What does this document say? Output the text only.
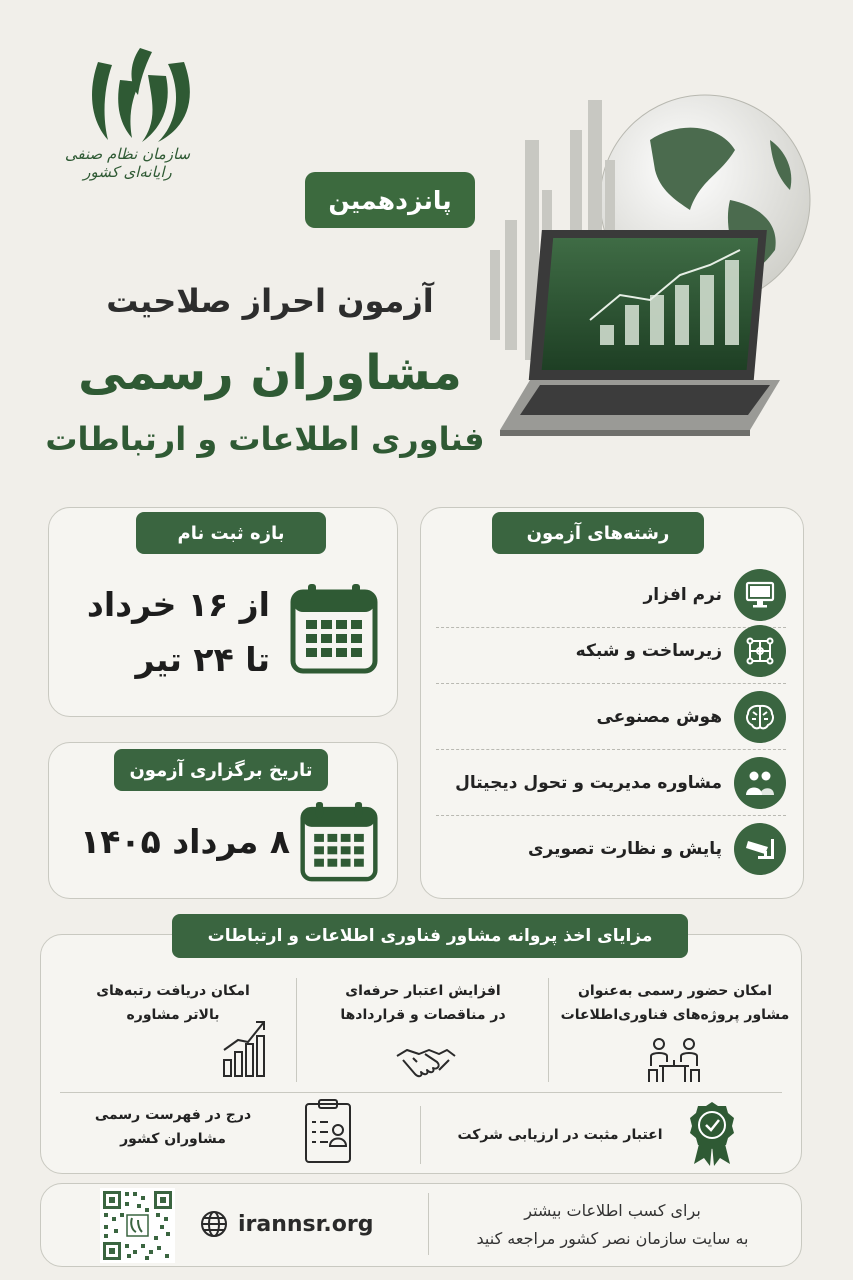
سازمان نظام صنفی رایانه‌ای کشور
پانزدهمین
آزمون احراز صلاحیت
مشاوران رسمی
فناوری اطلاعات و ارتباطات
رشته‌های آزمون
نرم افزار
زیرساخت و شبکه
هوش مصنوعی
مشاوره مدیریت و تحول دیجیتال
پایش و نظارت تصویری
بازه ثبت نام
از ۱۶ خرداد
تا ۲۴ تیر
تاریخ برگزاری آزمون
۸ مرداد ۱۴۰۵
مزایای اخذ پروانه مشاور فناوری اطلاعات و ارتباطات
امکان حضور رسمی به‌عنوان
مشاور پروژه‌های فناوری‌اطلاعات
افزایش اعتبار حرفه‌ای
در مناقصات و قراردادها
امکان دریافت رتبه‌های
بالاتر مشاوره
اعتبار مثبت در ارزیابی شرکت
درج در فهرست رسمی
مشاوران کشور
برای کسب اطلاعات بیشتر
به سایت سازمان نصر کشور مراجعه کنید
irannsr.org
